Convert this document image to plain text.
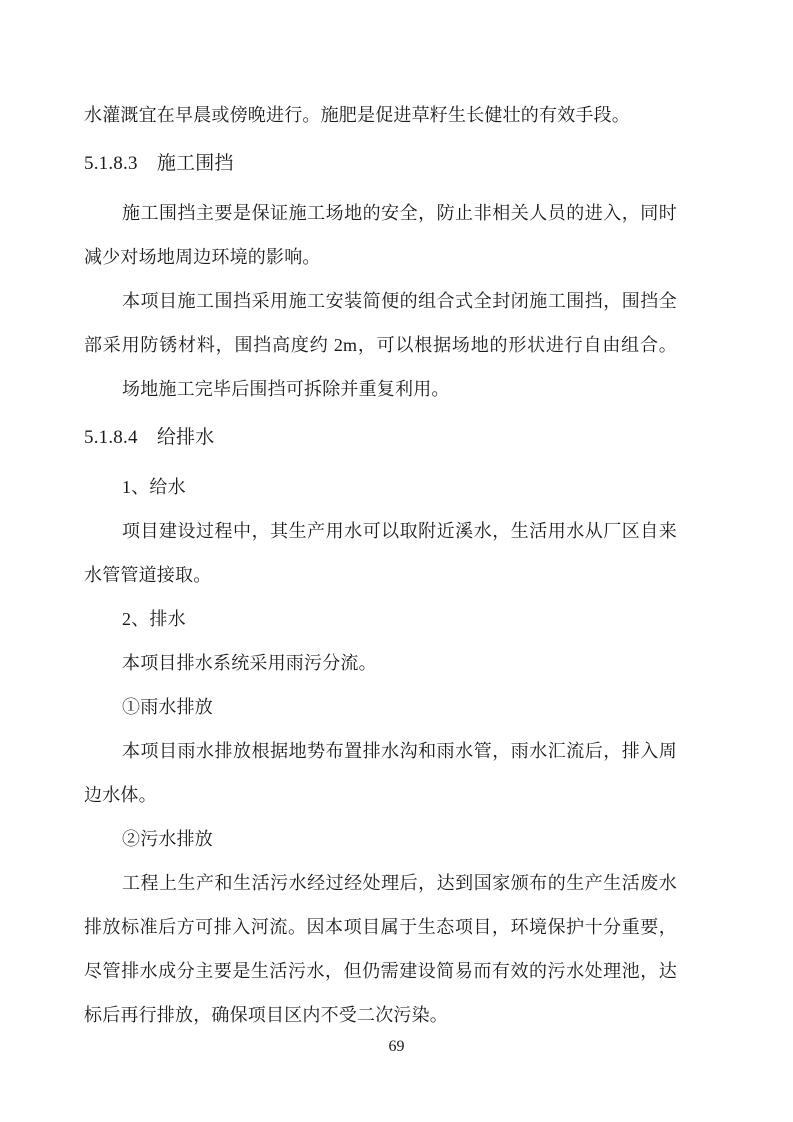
水灌溉宜在早晨或傍晚进行。施肥是促进草籽生长健壮的有效手段。
5.1.8.3　施工围挡
施工围挡主要是保证施工场地的安全，防止非相关人员的进入，同时
减少对场地周边环境的影响。
本项目施工围挡采用施工安装简便的组合式全封闭施工围挡，围挡全
部采用防锈材料，围挡高度约 2m，可以根据场地的形状进行自由组合。
场地施工完毕后围挡可拆除并重复利用。
5.1.8.4　给排水
1、给水
项目建设过程中，其生产用水可以取附近溪水，生活用水从厂区自来
水管管道接取。
2、排水
本项目排水系统采用雨污分流。
①雨水排放
本项目雨水排放根据地势布置排水沟和雨水管，雨水汇流后，排入周
边水体。
②污水排放
工程上生产和生活污水经过经处理后，达到国家颁布的生产生活废水
排放标准后方可排入河流。因本项目属于生态项目，环境保护十分重要，
尽管排水成分主要是生活污水，但仍需建设简易而有效的污水处理池，达
标后再行排放，确保项目区内不受二次污染。
69
